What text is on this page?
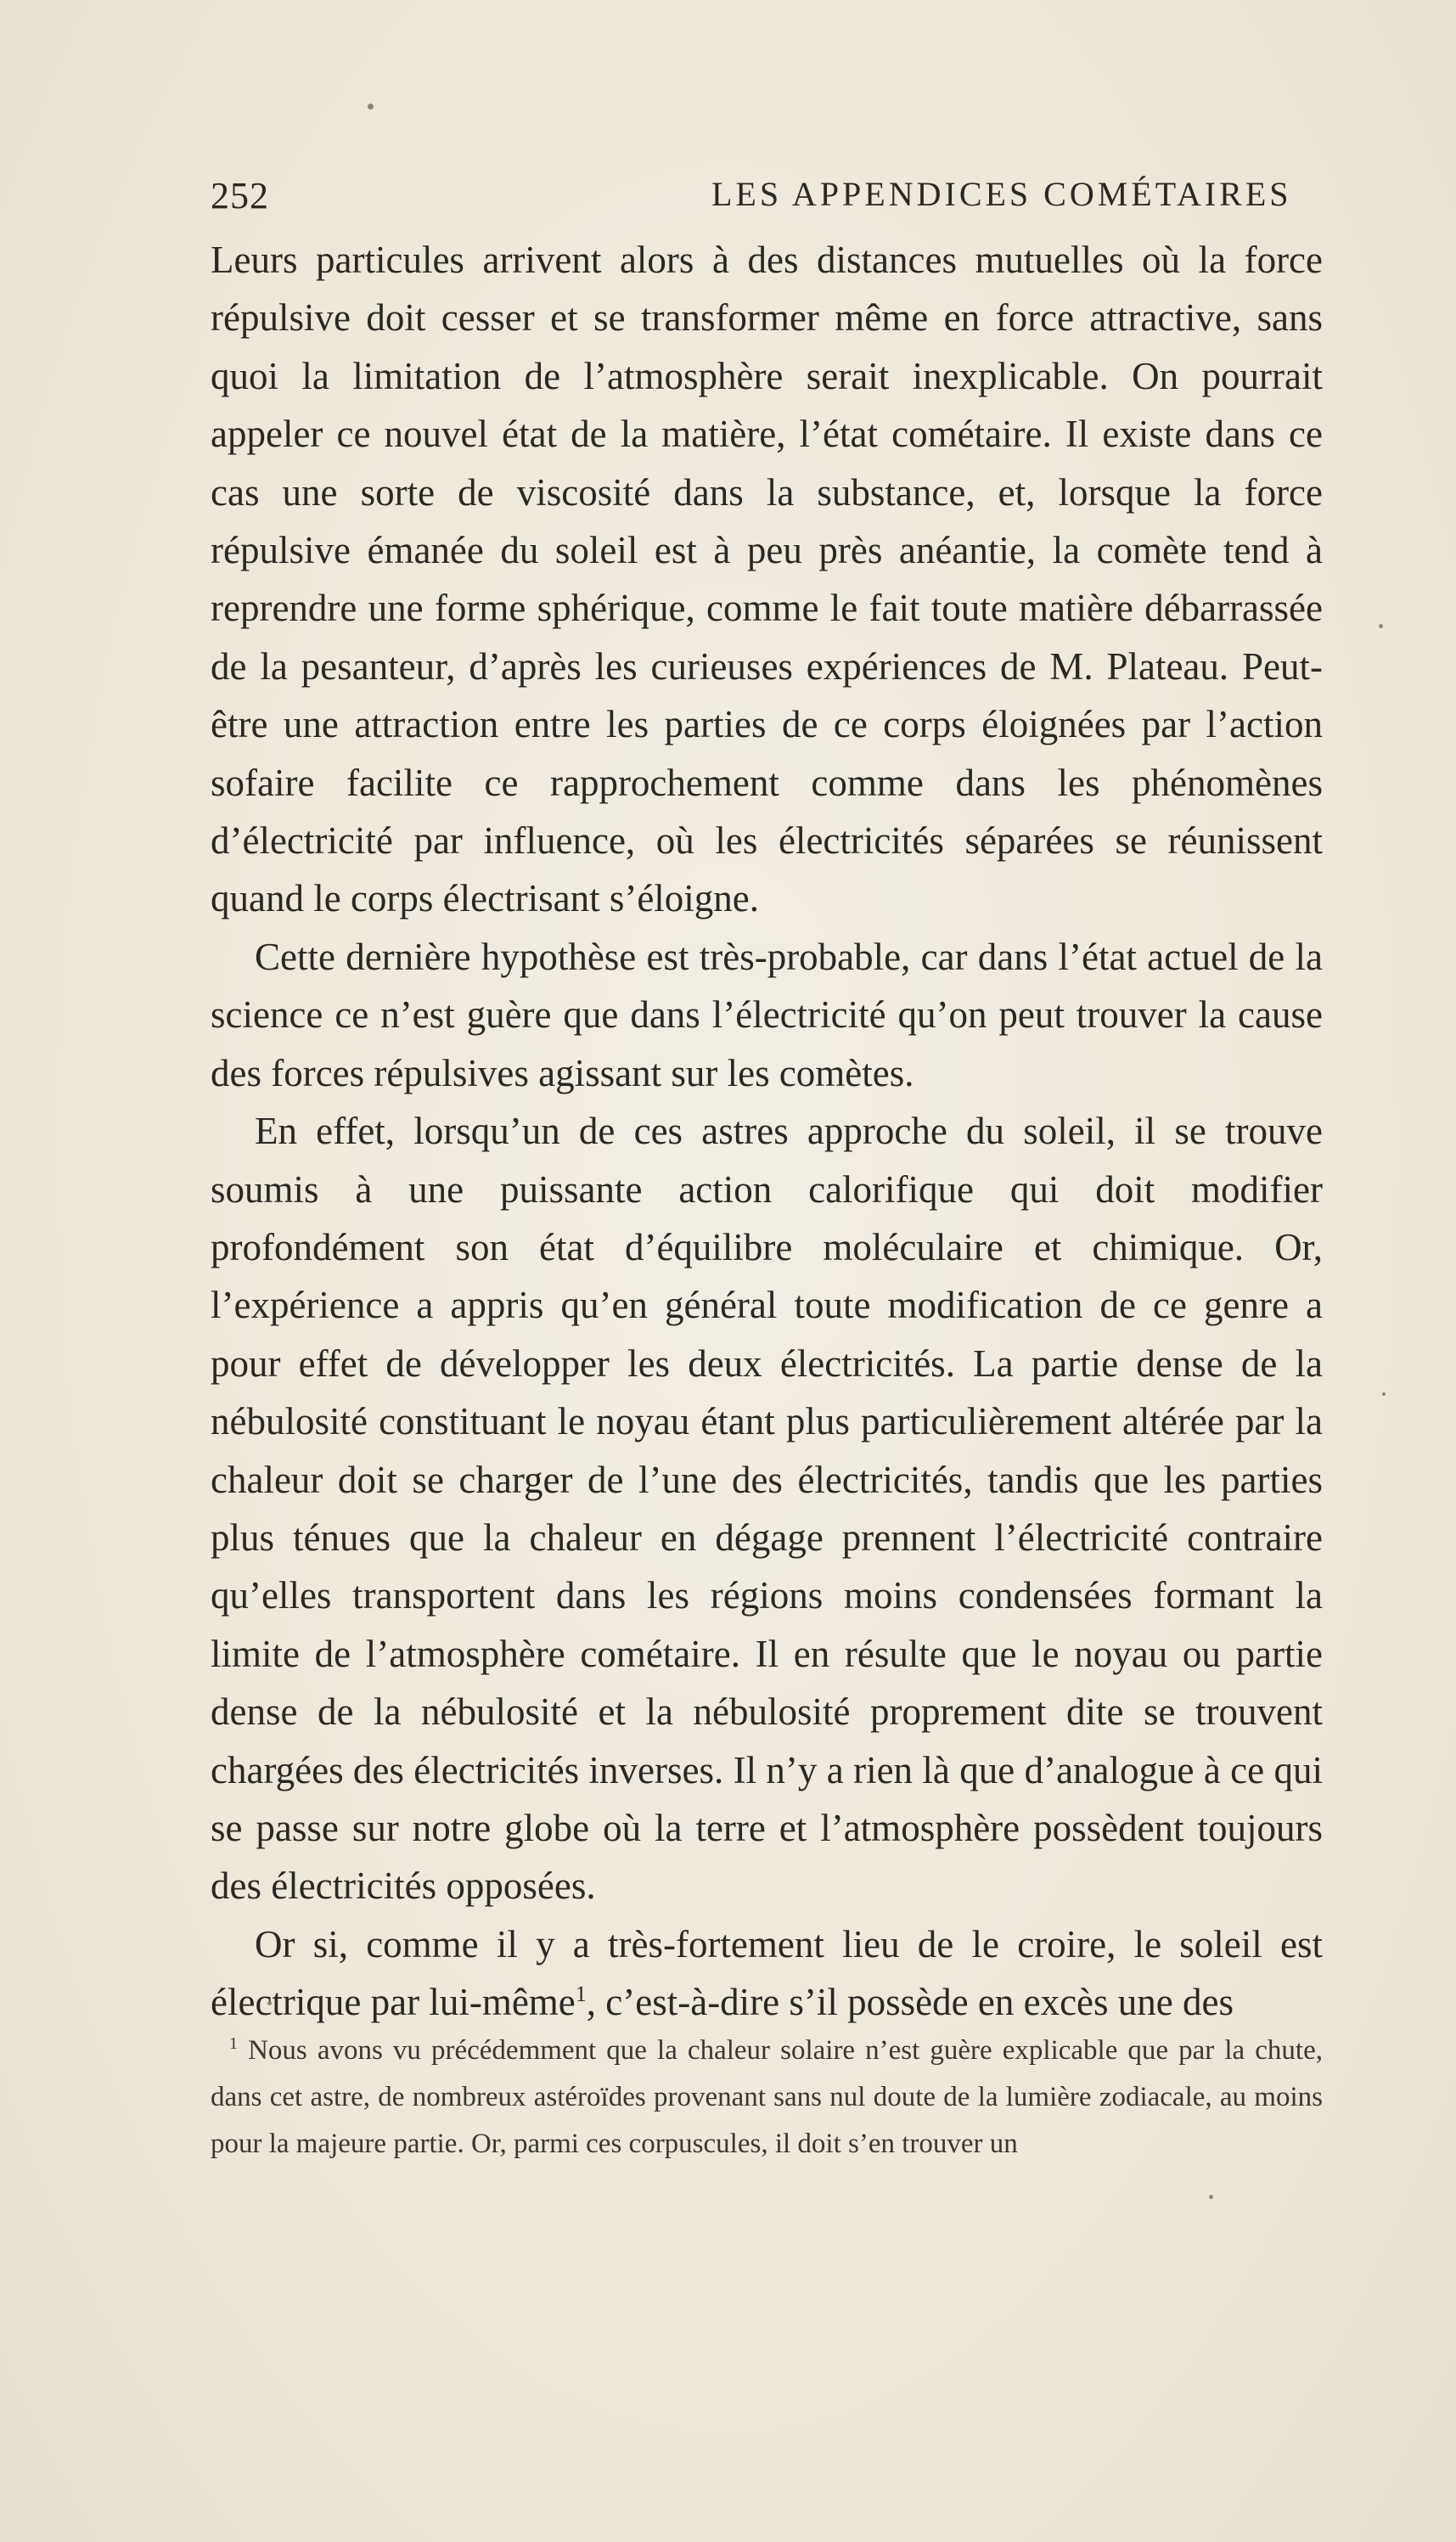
252	LES APPENDICES COMÉTAIRES

Leurs particules arrivent alors à des distances mutuelles où la force répulsive doit cesser et se transformer même en force attractive, sans quoi la limitation de l’atmosphère serait inexplicable. On pourrait appeler ce nouvel état de la matière, l’état cométaire. Il existe dans ce cas une sorte de viscosité dans la substance, et, lorsque la force répulsive émanée du soleil est à peu près anéantie, la comète tend à reprendre une forme sphérique, comme le fait toute matière débarrassée de la pesanteur, d’après les curieuses expériences de M. Plateau. Peut-être une attraction entre les parties de ce corps éloignées par l’action sofaire facilite ce rapprochement comme dans les phénomènes d’électricité par influence, où les électricités séparées se réunissent quand le corps électrisant s’éloigne.

Cette dernière hypothèse est très-probable, car dans l’état actuel de la science ce n’est guère que dans l’électricité qu’on peut trouver la cause des forces répulsives agissant sur les comètes.

En effet, lorsqu’un de ces astres approche du soleil, il se trouve soumis à une puissante action calorifique qui doit modifier profondément son état d’équilibre moléculaire et chimique. Or, l’expérience a appris qu’en général toute modification de ce genre a pour effet de développer les deux électricités. La partie dense de la nébulosité constituant le noyau étant plus particulièrement altérée par la chaleur doit se charger de l’une des électricités, tandis que les parties plus ténues que la chaleur en dégage prennent l’électricité contraire qu’elles transportent dans les régions moins condensées formant la limite de l’atmosphère cométaire. Il en résulte que le noyau ou partie dense de la nébulosité et la nébulosité proprement dite se trouvent chargées des électricités inverses. Il n’y a rien là que d’analogue à ce qui se passe sur notre globe où la terre et l’atmosphère possèdent toujours des électricités opposées.

Or si, comme il y a très-fortement lieu de le croire, le soleil est électrique par lui-même$^1$, c’est-à-dire s’il possède en excès une des

$^1$ Nous avons vu précédemment que la chaleur solaire n’est guère explicable que par la chute, dans cet astre, de nombreux astéroïdes provenant sans nul doute de la lumière zodiacale, au moins pour la majeure partie. Or, parmi ces corpuscules, il doit s’en trouver un
